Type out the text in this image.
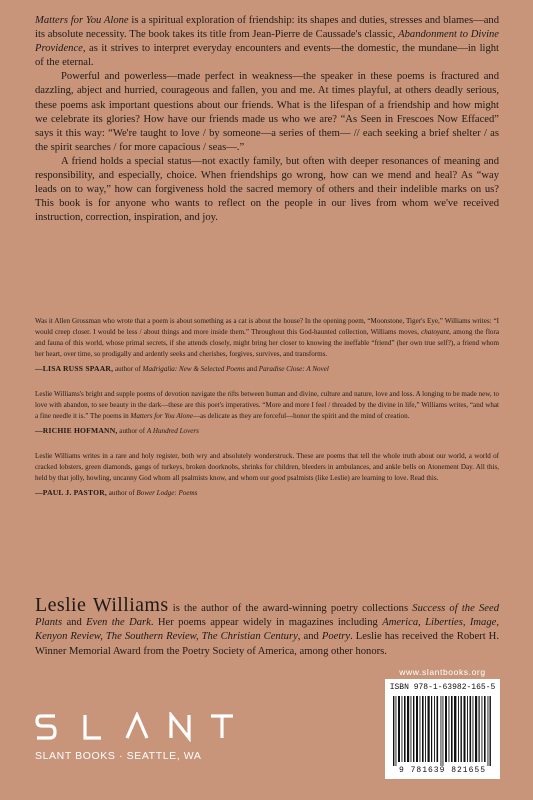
Matters for You Alone is a spiritual exploration of friendship: its shapes and duties, stresses and blames—and its absolute necessity. The book takes its title from Jean-Pierre de Caussade's classic, Abandonment to Divine Providence, as it strives to interpret everyday encounters and events—the domestic, the mundane—in light of the eternal.

Powerful and powerless—made perfect in weakness—the speaker in these poems is fractured and dazzling, abject and hurried, courageous and fallen, you and me. At times playful, at others deadly serious, these poems ask important questions about our friends. What is the lifespan of a friendship and how might we celebrate its glories? How have our friends made us who we are? “As Seen in Frescoes Now Effaced” says it this way: “We're taught to love / by someone—a series of them— // each seeking a brief shelter / as the spirit searches / for more capacious / seas—.”

A friend holds a special status—not exactly family, but often with deeper resonances of meaning and responsibility, and especially, choice. When friendships go wrong, how can we mend and heal? As “way leads on to way,” how can forgiveness hold the sacred memory of others and their indelible marks on us? This book is for anyone who wants to reflect on the people in our lives from whom we've received instruction, correction, inspiration, and joy.

Was it Allen Grossman who wrote that a poem is about something as a cat is about the house? In the opening poem, “Moonstone, Tiger's Eye,” Williams writes: “I would creep closer. I would be less / about things and more inside them.” Throughout this God-haunted collection, Williams moves, chatoyant, among the flora and fauna of this world, whose primal secrets, if she attends closely, might bring her closer to knowing the ineffable “friend” (her own true self?), a friend whom her heart, over time, so prodigally and ardently seeks and cherishes, forgives, survives, and transforms.

—LISA RUSS SPAAR, author of Madrigalia: New & Selected Poems and Paradise Close: A Novel

Leslie Williams's bright and supple poems of devotion navigate the rifts between human and divine, culture and nature, love and loss. A longing to be made new, to love with abandon, to see beauty in the dark—these are this poet's imperatives. “More and more I feel / threaded by the divine in life,” Williams writes, “and what a fine needle it is.” The poems in Matters for You Alone—as delicate as they are forceful—honor the spirit and the mind of creation.

—RICHIE HOFMANN, author of A Hundred Lovers

Leslie Williams writes in a rare and holy register, both wry and absolutely wonderstruck. These are poems that tell the whole truth about our world, a world of cracked lobsters, green diamonds, gangs of turkeys, broken doorknobs, shrinks for children, bleeders in ambulances, and ankle bells on Atonement Day. All this, held by that jolly, howling, uncanny God whom all psalmists know, and whom our good psalmists (like Leslie) are learning to love. Read this.

—PAUL J. PASTOR, author of Bower Lodge: Poems

Leslie Williams is the author of the award-winning poetry collections Success of the Seed Plants and Even the Dark. Her poems appear widely in magazines including America, Liberties, Image, Kenyon Review, The Southern Review, The Christian Century, and Poetry. Leslie has received the Robert H. Winner Memorial Award from the Poetry Society of America, among other honors.
SLANT BOOKS · SEATTLE, WA
www.slantbooks.org
ISBN 978-1-63982-165-5
9 781639 821655
